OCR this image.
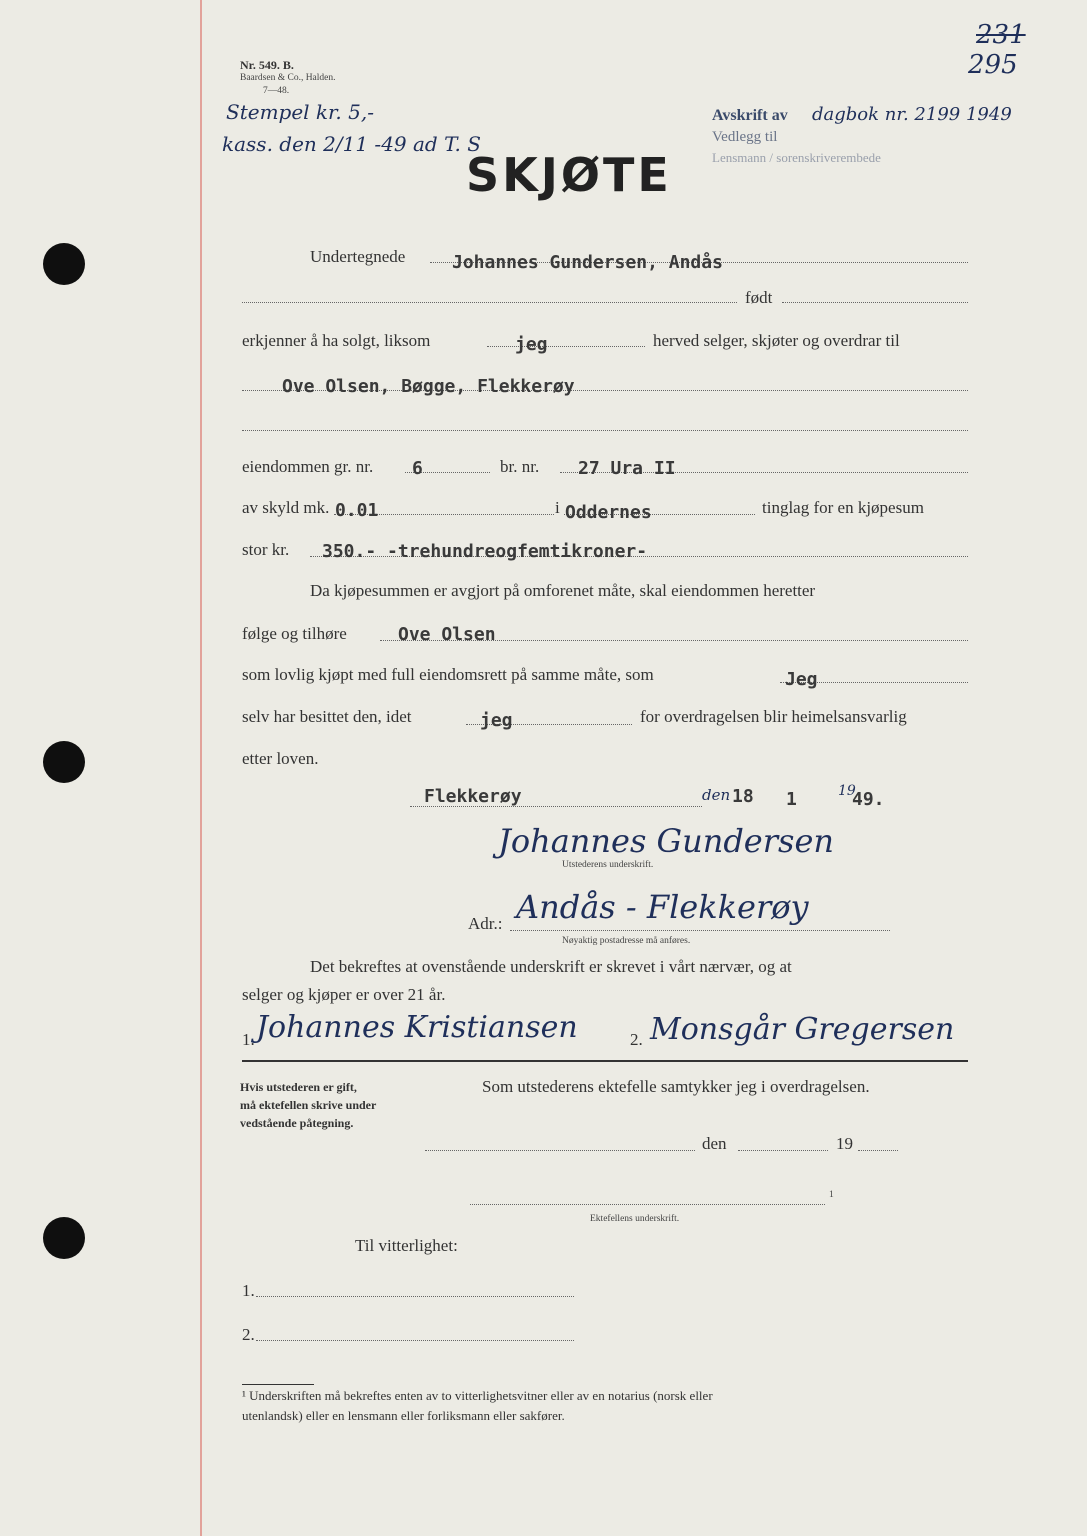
Nr. 549. B.
Baardsen & Co., Halden.
7—48.
231
295
Stempel kr. 5,-
kass. den 2/11 -49 ad T. S
Avskrift av dagbok nr. 2199 1949
Vedlegg til
Lensmann / sorenskriverembede
SKJØTE
Undertegnede	Johannes Gundersen, Andås
født
erkjenner å ha solgt, liksom	jeg	herved selger, skjøter og overdrar til
Ove Olsen, Bøgge, Flekkerøy
eiendommen gr. nr. 6	br. nr. 27 Ura II
av skyld mk. 0.01	i Oddernes	tinglag for en kjøpesum
stor kr. 350.- -trehundreogfemtikroner-
Da kjøpesummen er avgjort på omforenet måte, skal eiendommen heretter
følge og tilhøre	Ove Olsen
som lovlig kjøpt med full eiendomsrett på samme måte, som	Jeg
selv har besittet den, idet	jeg	for overdragelsen blir heimelsansvarlig
etter loven.
Flekkerøy	den 18 1	19
49.
Johannes Gundersen
Utstederens underskrift.
Adr.: Andås - Flekkerøy
Nøyaktig postadresse må anføres.
Det bekreftes at ovenstående underskrift er skrevet i vårt nærvær, og at
selger og kjøper er over 21 år.
1. Johannes Kristiansen	2. Monsgår Gregersen
Hvis utstederen er gift,
må ektefellen skrive under
vedstående påtegning.
Som utstederens ektefelle samtykker jeg i overdragelsen.
den	19
1
Ektefellens underskrift.
Til vitterlighet:
1.
2.
¹ Underskriften må bekreftes enten av to vitterlighetsvitner eller av en notarius (norsk eller
utenlandsk) eller en lensmann eller forliksmann eller sakfører.
